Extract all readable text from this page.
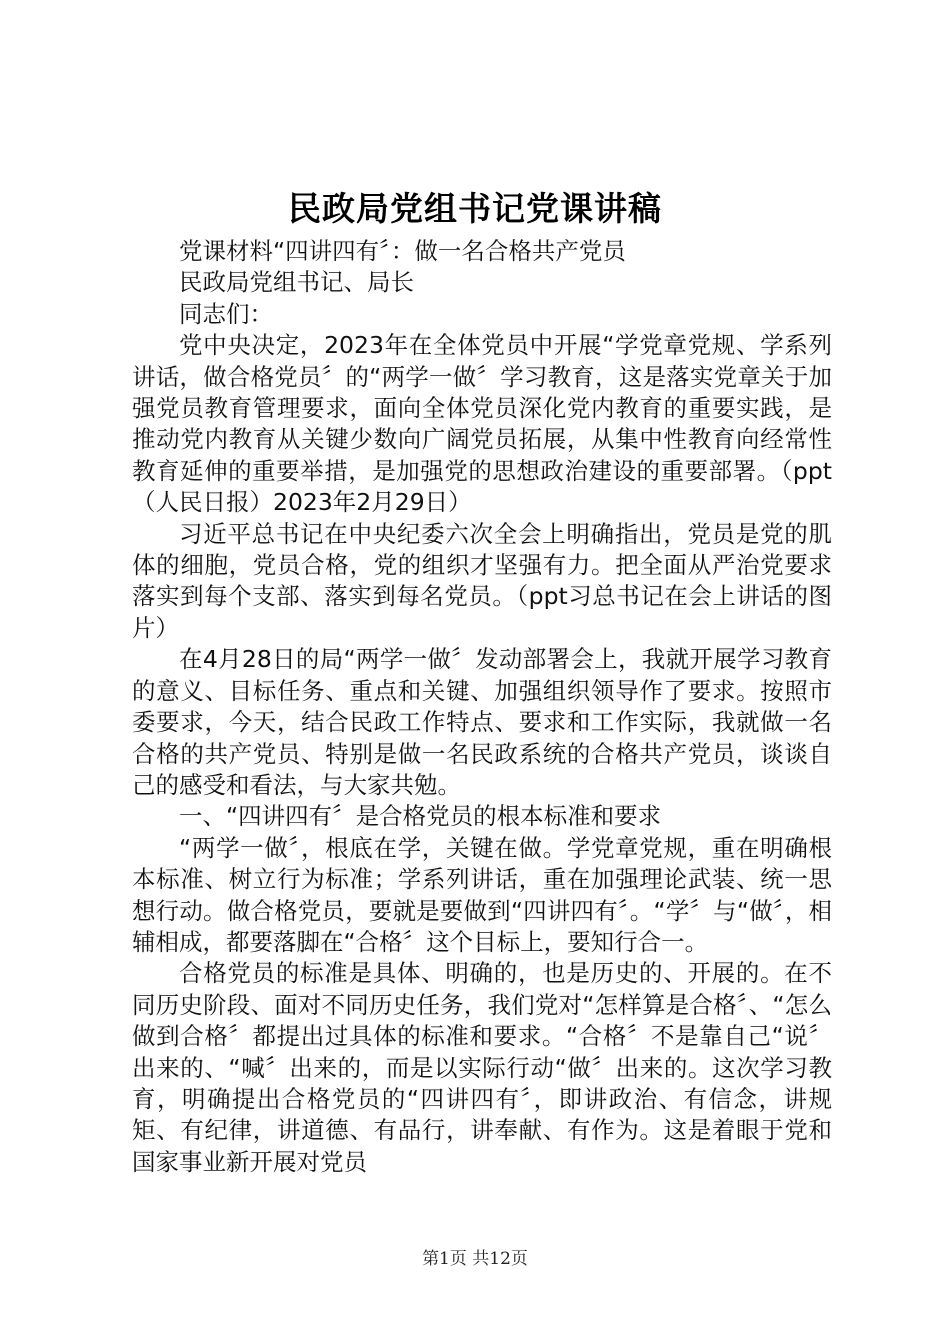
民政局党组书记党课讲稿

党课材料“四讲四有〞：做一名合格共产党员

民政局党组书记、局长

同志们：

党中央决定，2023年在全体党员中开展“学党章党规、学系列讲话，做合格党员〞的“两学一做〞学习教育，这是落实党章关于加强党员教育管理要求，面向全体党员深化党内教育的重要实践，是推动党内教育从关键少数向广阔党员拓展，从集中性教育向经常性教育延伸的重要举措，是加强党的思想政治建设的重要部署。（ppt（人民日报）2023年2月29日）

习近平总书记在中央纪委六次全会上明确指出，党员是党的肌体的细胞，党员合格，党的组织才坚强有力。把全面从严治党要求落实到每个支部、落实到每名党员。（ppt习总书记在会上讲话的图片）

在4月28日的局“两学一做〞发动部署会上，我就开展学习教育的意义、目标任务、重点和关键、加强组织领导作了要求。按照市委要求，今天，结合民政工作特点、要求和工作实际，我就做一名合格的共产党员、特别是做一名民政系统的合格共产党员，谈谈自己的感受和看法，与大家共勉。

一、“四讲四有〞是合格党员的根本标准和要求

“两学一做〞，根底在学，关键在做。学党章党规，重在明确根本标准、树立行为标准；学系列讲话，重在加强理论武装、统一思想行动。做合格党员，要就是要做到“四讲四有〞。“学〞与“做〞，相辅相成，都要落脚在“合格〞这个目标上，要知行合一。

合格党员的标准是具体、明确的，也是历史的、开展的。在不同历史阶段、面对不同历史任务，我们党对“怎样算是合格〞、“怎么做到合格〞都提出过具体的标准和要求。“合格〞不是靠自己“说〞出来的、“喊〞出来的，而是以实际行动“做〞出来的。这次学习教育，明确提出合格党员的“四讲四有〞，即讲政治、有信念，讲规矩、有纪律，讲道德、有品行，讲奉献、有作为。这是着眼于党和国家事业新开展对党员

第1页 共12页
